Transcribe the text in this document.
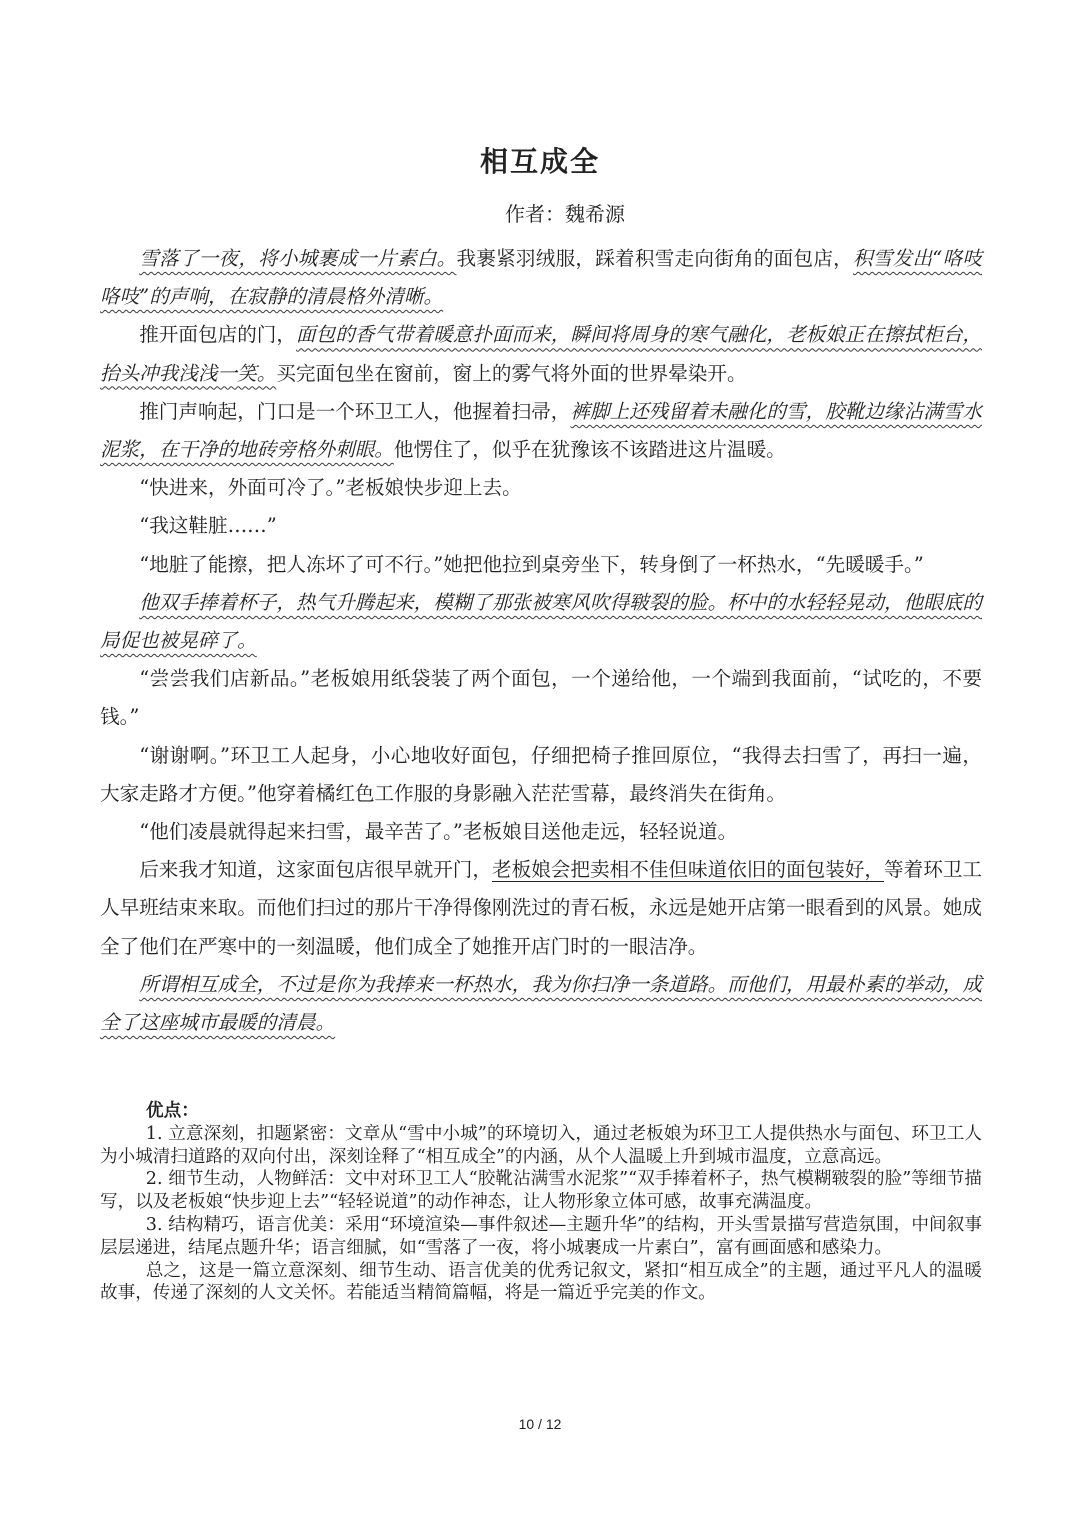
相互成全
作者：魏希源

雪落了一夜，将小城裹成一片素白。我裹紧羽绒服，踩着积雪走向街角的面包店，积雪发出“咯吱咯吱”的声响，在寂静的清晨格外清晰。

推开面包店的门，面包的香气带着暖意扑面而来，瞬间将周身的寒气融化，老板娘正在擦拭柜台，抬头冲我浅浅一笑。买完面包坐在窗前，窗上的雾气将外面的世界晕染开。

推门声响起，门口是一个环卫工人，他握着扫帚，裤脚上还残留着未融化的雪，胶靴边缘沾满雪水泥浆，在干净的地砖旁格外刺眼。他愣住了，似乎在犹豫该不该踏进这片温暖。

“快进来，外面可冷了。”老板娘快步迎上去。

“我这鞋脏……”

“地脏了能擦，把人冻坏了可不行。”她把他拉到桌旁坐下，转身倒了一杯热水，“先暖暖手。”

他双手捧着杯子，热气升腾起来，模糊了那张被寒风吹得皲裂的脸。杯中的水轻轻晃动，他眼底的局促也被晃碎了。

“尝尝我们店新品。”老板娘用纸袋装了两个面包，一个递给他，一个端到我面前，“试吃的，不要钱。”

“谢谢啊。”环卫工人起身，小心地收好面包，仔细把椅子推回原位，“我得去扫雪了，再扫一遍，大家走路才方便。”他穿着橘红色工作服的身影融入茫茫雪幕，最终消失在街角。

“他们凌晨就得起来扫雪，最辛苦了。”老板娘目送他走远，轻轻说道。

后来我才知道，这家面包店很早就开门，老板娘会把卖相不佳但味道依旧的面包装好，等着环卫工人早班结束来取。而他们扫过的那片干净得像刚洗过的青石板，永远是她开店第一眼看到的风景。她成全了他们在严寒中的一刻温暖，他们成全了她推开店门时的一眼洁净。

所谓相互成全，不过是你为我捧来一杯热水，我为你扫净一条道路。而他们，用最朴素的举动，成全了这座城市最暖的清晨。

优点：

1. 立意深刻，扣题紧密：文章从“雪中小城”的环境切入，通过老板娘为环卫工人提供热水与面包、环卫工人为小城清扫道路的双向付出，深刻诠释了“相互成全”的内涵，从个人温暖上升到城市温度，立意高远。

2. 细节生动，人物鲜活：文中对环卫工人“胶靴沾满雪水泥浆”“双手捧着杯子，热气模糊皲裂的脸”等细节描写，以及老板娘“快步迎上去”“轻轻说道”的动作神态，让人物形象立体可感，故事充满温度。

3. 结构精巧，语言优美：采用“环境渲染—事件叙述—主题升华”的结构，开头雪景描写营造氛围，中间叙事层层递进，结尾点题升华；语言细腻，如“雪落了一夜，将小城裹成一片素白”，富有画面感和感染力。

总之，这是一篇立意深刻、细节生动、语言优美的优秀记叙文，紧扣“相互成全”的主题，通过平凡人的温暖故事，传递了深刻的人文关怀。若能适当精简篇幅，将是一篇近乎完美的作文。

10 / 12
